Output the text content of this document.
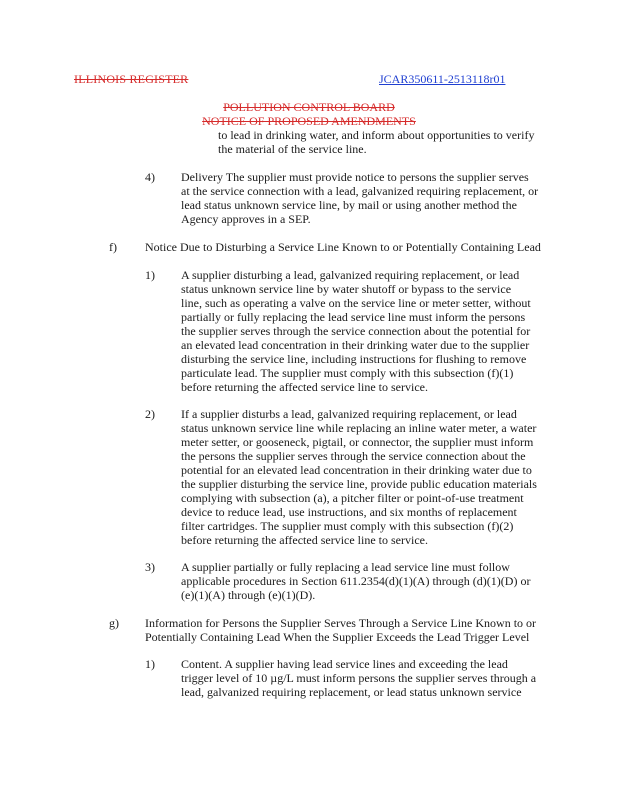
ILLINOIS REGISTER	JCAR350611-2513118r01
POLLUTION CONTROL BOARD
NOTICE OF PROPOSED AMENDMENTS

to lead in drinking water, and inform about opportunities to verify

the material of the service line.

4) Delivery The supplier must provide notice to persons the supplier serves

at the service connection with a lead, galvanized requiring replacement, or

lead status unknown service line, by mail or using another method the

Agency approves in a SEP.

f) Notice Due to Disturbing a Service Line Known to or Potentially Containing Lead

1) A supplier disturbing a lead, galvanized requiring replacement, or lead

status unknown service line by water shutoff or bypass to the service

line, such as operating a valve on the service line or meter setter, without

partially or fully replacing the lead service line must inform the persons

the supplier serves through the service connection about the potential for

an elevated lead concentration in their drinking water due to the supplier

disturbing the service line, including instructions for flushing to remove

particulate lead. The supplier must comply with this subsection (f)(1)

before returning the affected service line to service.

2) If a supplier disturbs a lead, galvanized requiring replacement, or lead

status unknown service line while replacing an inline water meter, a water

meter setter, or gooseneck, pigtail, or connector, the supplier must inform

the persons the supplier serves through the service connection about the

potential for an elevated lead concentration in their drinking water due to

the supplier disturbing the service line, provide public education materials

complying with subsection (a), a pitcher filter or point-of-use treatment

device to reduce lead, use instructions, and six months of replacement

filter cartridges. The supplier must comply with this subsection (f)(2)

before returning the affected service line to service.

3) A supplier partially or fully replacing a lead service line must follow

applicable procedures in Section 611.2354(d)(1)(A) through (d)(1)(D) or

(e)(1)(A) through (e)(1)(D).

g) Information for Persons the Supplier Serves Through a Service Line Known to or

Potentially Containing Lead When the Supplier Exceeds the Lead Trigger Level

1) Content. A supplier having lead service lines and exceeding the lead

trigger level of 10 µg/L must inform persons the supplier serves through a

lead, galvanized requiring replacement, or lead status unknown service
